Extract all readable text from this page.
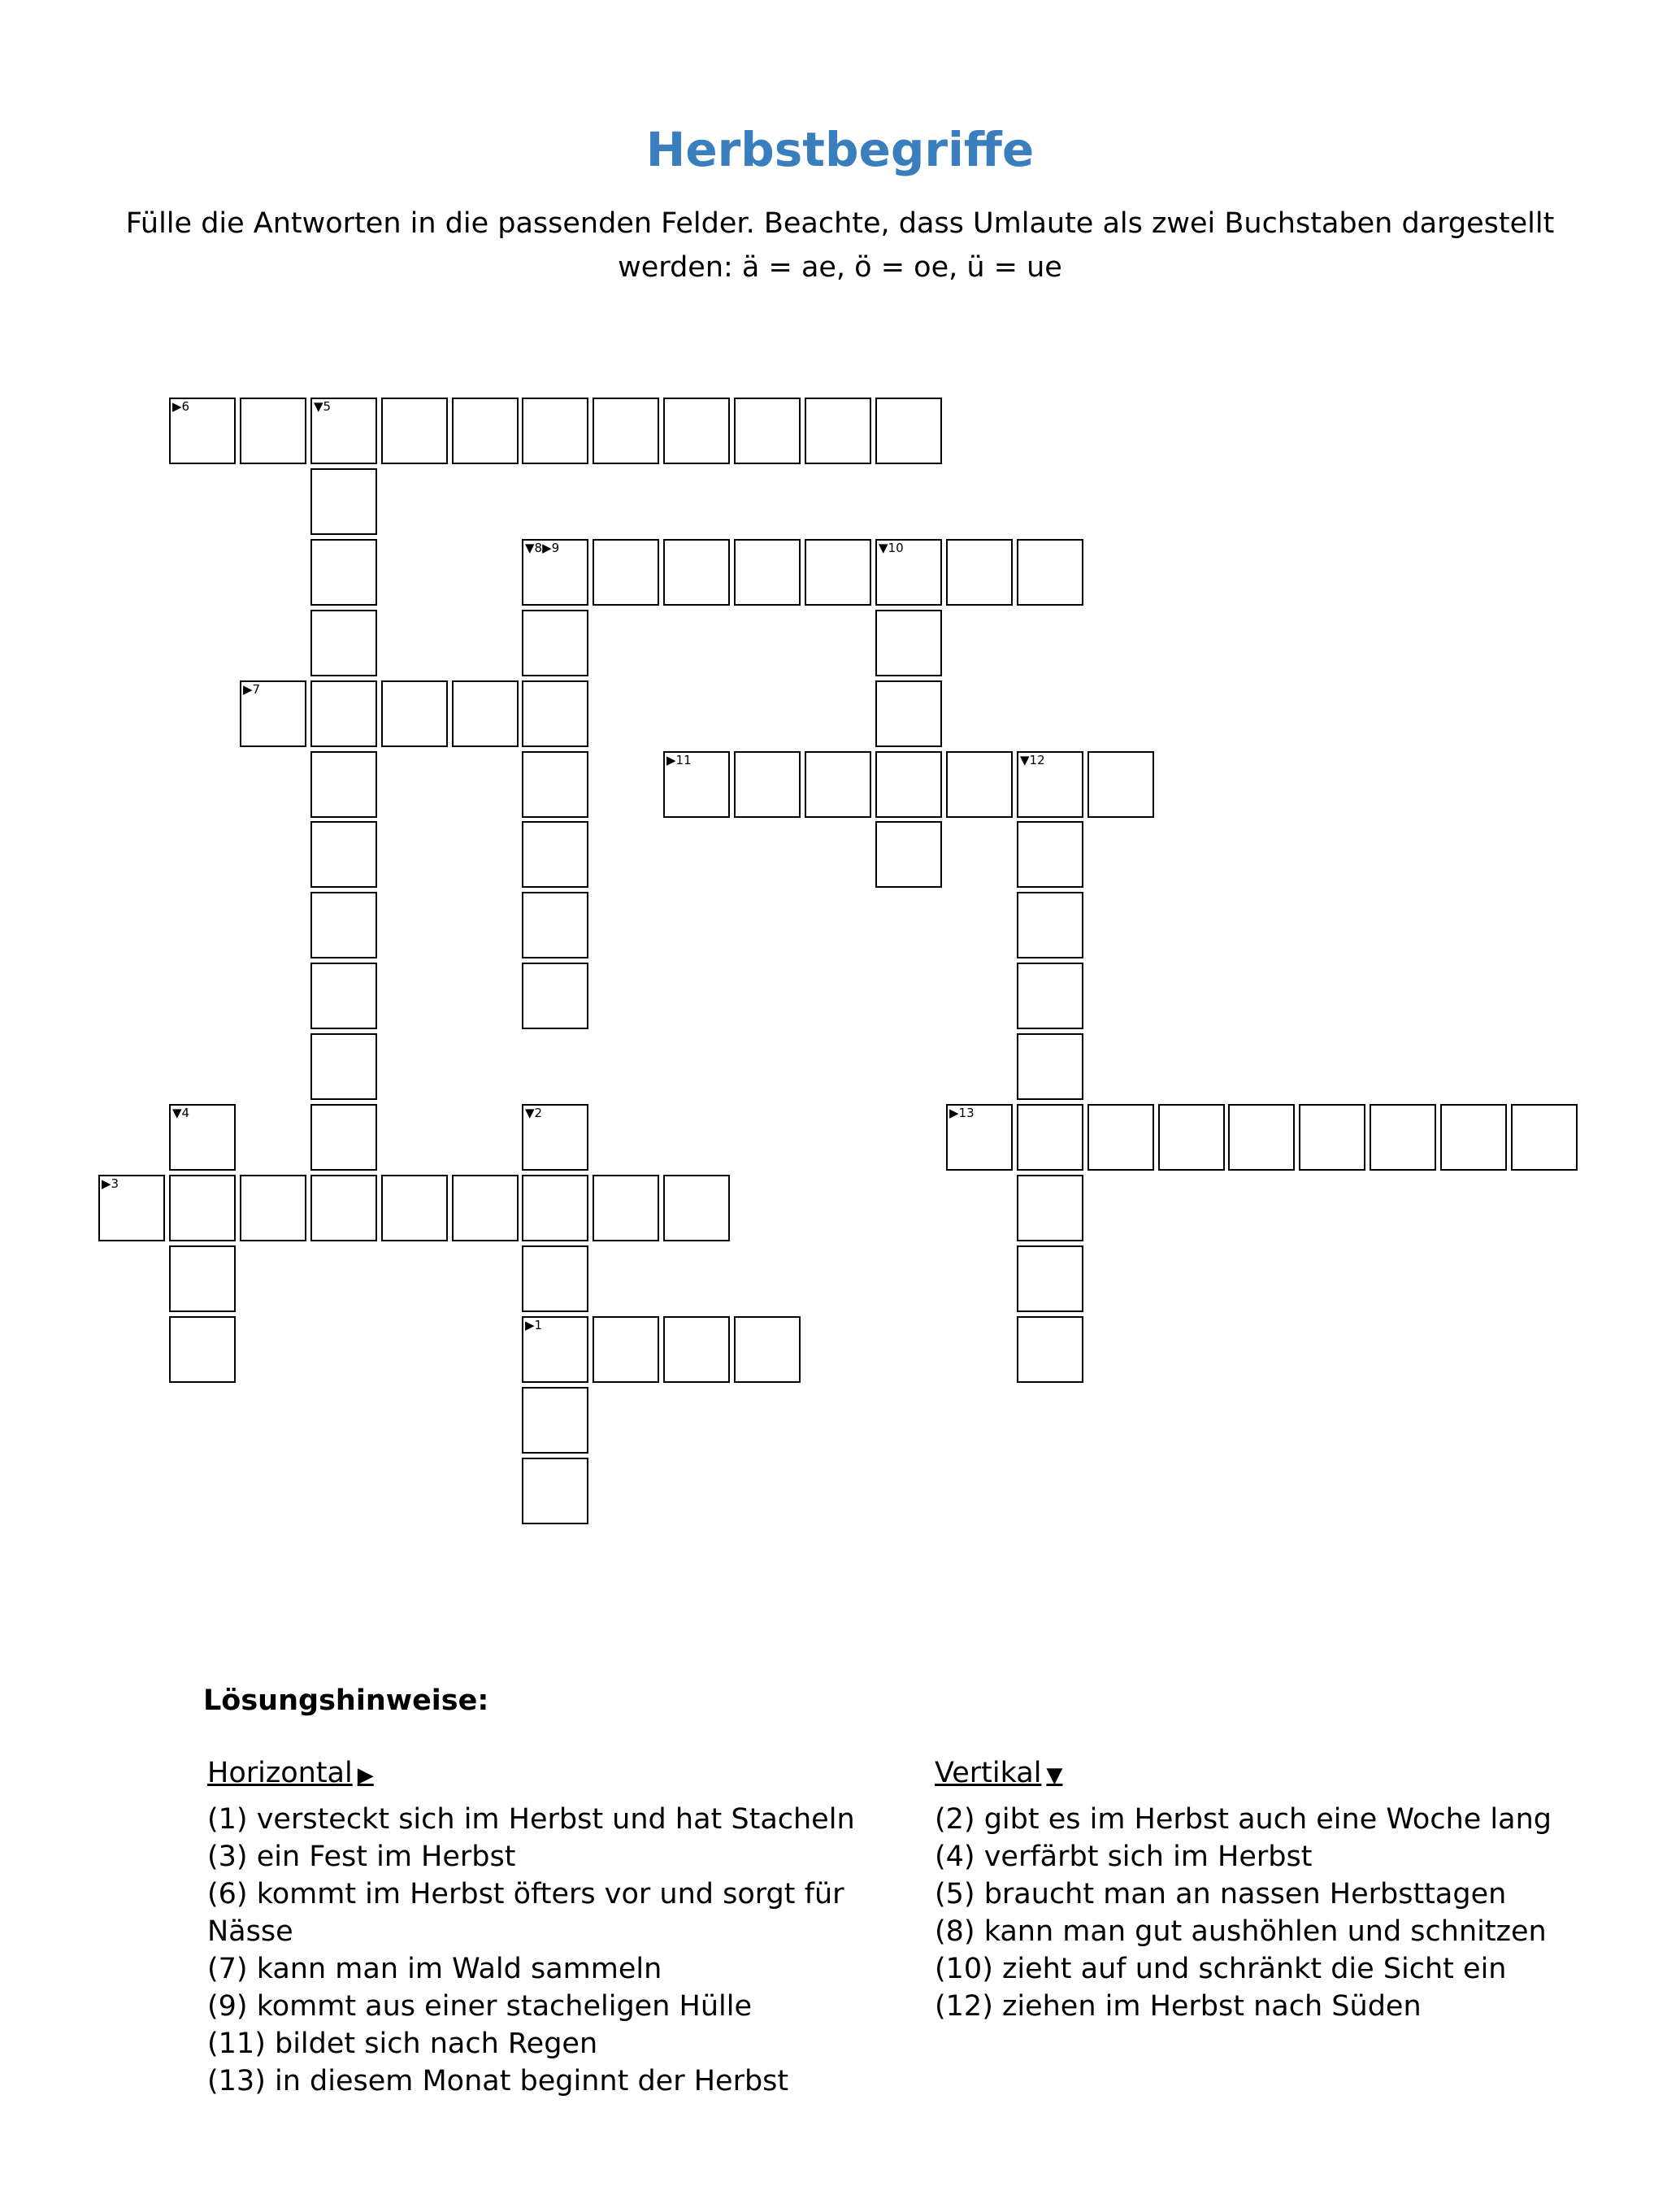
Herbstbegriffe

Fülle die Antworten in die passenden Felder. Beachte, dass Umlaute als zwei Buchstaben dargestellt werden: ä = ae, ö = oe, ü = ue

▶6	▼5
▼8▶9	▼10
▶7
▶11	▼12
▼4	▼2
▶1
▶13
▶3
Lösungshinweise:
Horizontal ▶

(1) versteckt sich im Herbst und hat Stacheln

(3) ein Fest im Herbst

(6) kommt im Herbst öfters vor und sorgt für Nässe

(7) kann man im Wald sammeln

(9) kommt aus einer stacheligen Hülle

(11) bildet sich nach Regen

(13) in diesem Monat beginnt der Herbst

Vertikal ▼

(2) gibt es im Herbst auch eine Woche lang

(4) verfärbt sich im Herbst

(5) braucht man an nassen Herbsttagen

(8) kann man gut aushöhlen und schnitzen

(10) zieht auf und schränkt die Sicht ein

(12) ziehen im Herbst nach Süden
